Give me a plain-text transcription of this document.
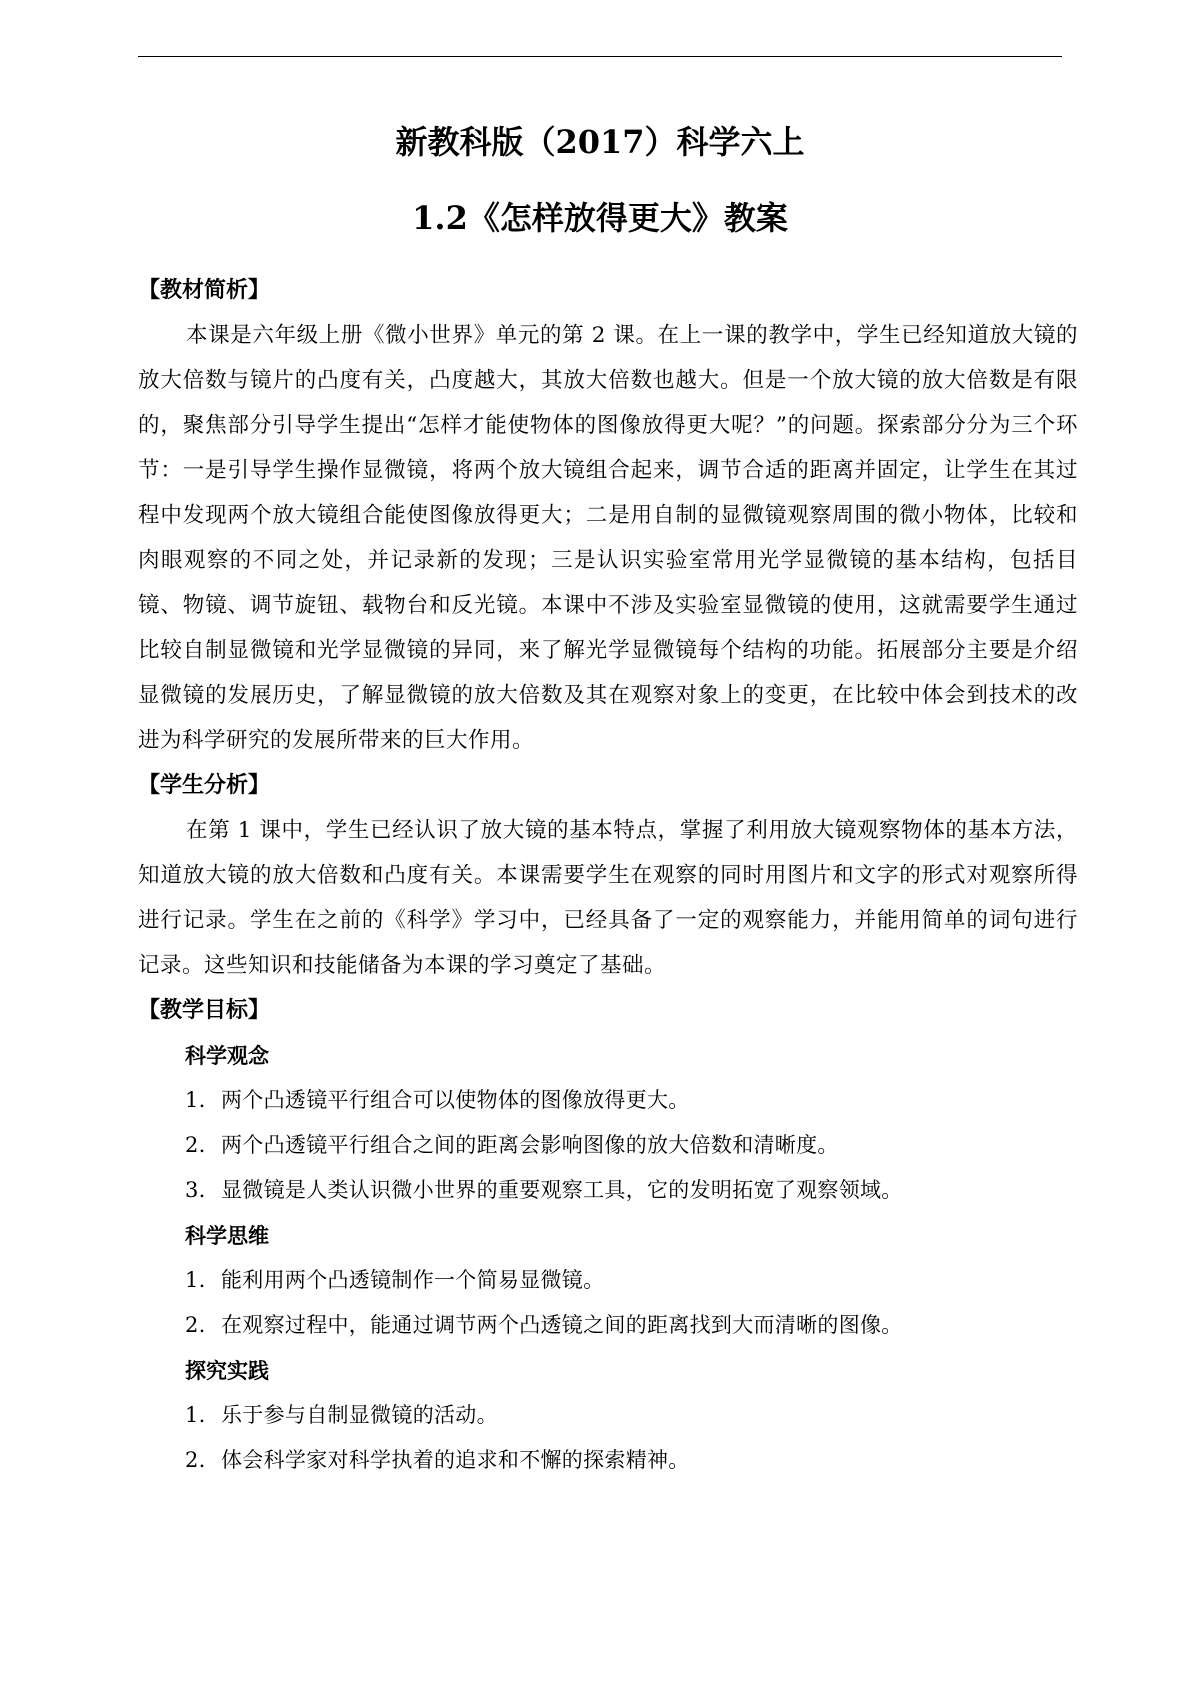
新教科版（2017）科学六上
1.2《怎样放得更大》教案
【教材简析】

本课是六年级上册《微小世界》单元的第 2 课。在上一课的教学中，学生已经知道放大镜的放大倍数与镜片的凸度有关，凸度越大，其放大倍数也越大。但是一个放大镜的放大倍数是有限的，聚焦部分引导学生提出“怎样才能使物体的图像放得更大呢？”的问题。探索部分分为三个环节：一是引导学生操作显微镜，将两个放大镜组合起来，调节合适的距离并固定，让学生在其过程中发现两个放大镜组合能使图像放得更大；二是用自制的显微镜观察周围的微小物体，比较和肉眼观察的不同之处，并记录新的发现；三是认识实验室常用光学显微镜的基本结构，包括目镜、物镜、调节旋钮、载物台和反光镜。本课中不涉及实验室显微镜的使用，这就需要学生通过比较自制显微镜和光学显微镜的异同，来了解光学显微镜每个结构的功能。拓展部分主要是介绍显微镜的发展历史，了解显微镜的放大倍数及其在观察对象上的变更，在比较中体会到技术的改进为科学研究的发展所带来的巨大作用。

【学生分析】

在第 1 课中，学生已经认识了放大镜的基本特点，掌握了利用放大镜观察物体的基本方法，知道放大镜的放大倍数和凸度有关。本课需要学生在观察的同时用图片和文字的形式对观察所得进行记录。学生在之前的《科学》学习中，已经具备了一定的观察能力，并能用简单的词句进行记录。这些知识和技能储备为本课的学习奠定了基础。

【教学目标】
科学观念
1. 两个凸透镜平行组合可以使物体的图像放得更大。
2. 两个凸透镜平行组合之间的距离会影响图像的放大倍数和清晰度。
3. 显微镜是人类认识微小世界的重要观察工具，它的发明拓宽了观察领域。
科学思维
1. 能利用两个凸透镜制作一个简易显微镜。
2. 在观察过程中，能通过调节两个凸透镜之间的距离找到大而清晰的图像。
探究实践
1. 乐于参与自制显微镜的活动。
2. 体会科学家对科学执着的追求和不懈的探索精神。
